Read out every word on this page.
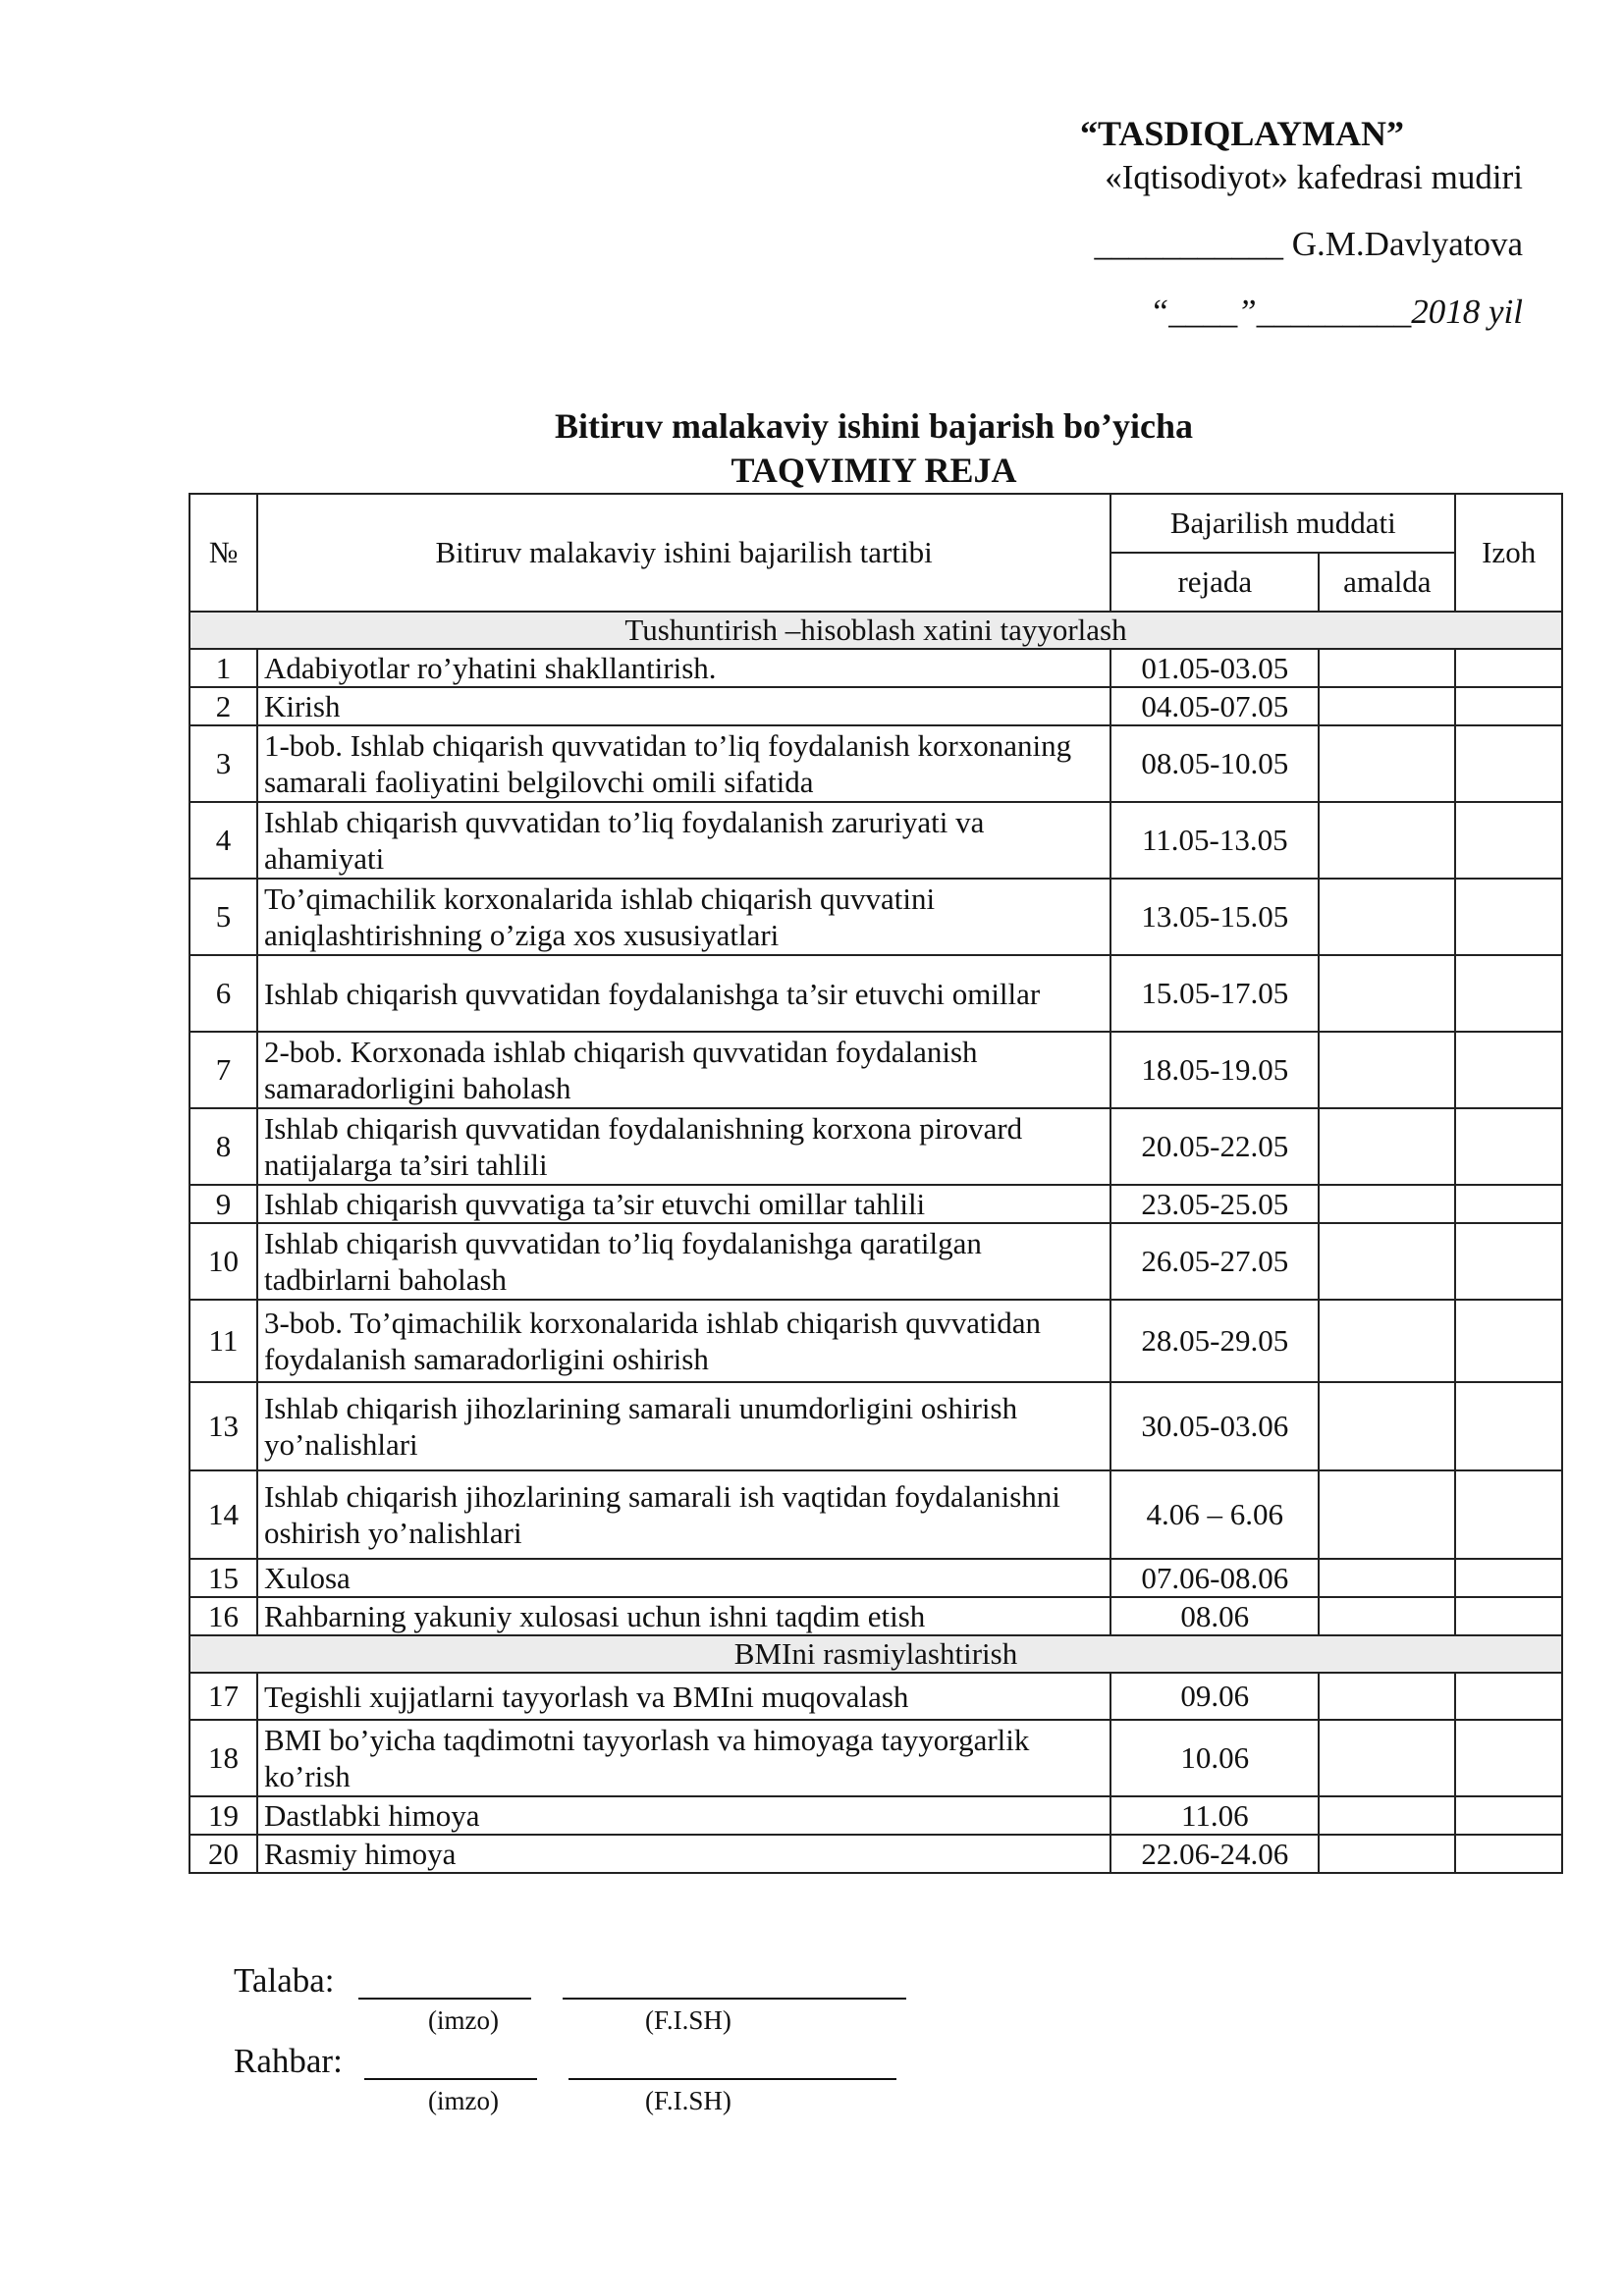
“TASDIQLAYMAN”
«Iqtisodiyot» kafedrasi mudiri
___________ G.M.Davlyatova
“____”_________2018 yil
Bitiruv malakaviy ishini bajarish bo’yicha
TAQVIMIY REJA
№	Bitiruv malakaviy ishini bajarilish tartibi	Bajarilish muddati		Izoh
		rejada	amalda	
Tushuntirish –hisoblash xatini tayyorlash				
1	Adabiyotlar ro’yhatini shakllantirish.	01.05-03.05		
2	Kirish	04.05-07.05		
3	1-bob. Ishlab chiqarish quvvatidan to’liq foydalanish korxonaning samarali faoliyatini belgilovchi omili sifatida	08.05-10.05		
4	Ishlab chiqarish quvvatidan to’liq foydalanish zaruriyati va ahamiyati	11.05-13.05		
5	To’qimachilik korxonalarida ishlab chiqarish quvvatini aniqlashtirishning o’ziga xos xususiyatlari	13.05-15.05		
6	Ishlab chiqarish quvvatidan foydalanishga ta’sir etuvchi omillar	15.05-17.05		
7	2-bob. Korxonada ishlab chiqarish quvvatidan foydalanish samaradorligini baholash	18.05-19.05		
8	Ishlab chiqarish quvvatidan foydalanishning korxona pirovard natijalarga ta’siri tahlili	20.05-22.05		
9	Ishlab chiqarish quvvatiga ta’sir etuvchi omillar tahlili	23.05-25.05		
10	Ishlab chiqarish quvvatidan to’liq foydalanishga qaratilgan tadbirlarni baholash	26.05-27.05		
11	3-bob. To’qimachilik korxonalarida ishlab chiqarish quvvatidan foydalanish samaradorligini oshirish	28.05-29.05		
13	Ishlab chiqarish jihozlarining samarali unumdorligini oshirish yo’nalishlari	30.05-03.06		
14	Ishlab chiqarish jihozlarining samarali ish vaqtidan foydalanishni oshirish yo’nalishlari	4.06 – 6.06		
15	Xulosa	07.06-08.06		
16	Rahbarning yakuniy xulosasi uchun ishni taqdim etish	08.06		
BMIni rasmiylashtirish				
17	Tegishli xujjatlarni tayyorlash va BMIni muqovalash	09.06		
18	BMI bo’yicha taqdimotni tayyorlash va himoyaga tayyorgarlik ko’rish	10.06		
19	Dastlabki himoya	11.06		
20	Rasmiy himoya	22.06-24.06		
Talaba:
(imzo)	(F.I.SH)
Rahbar:
(imzo)	(F.I.SH)
